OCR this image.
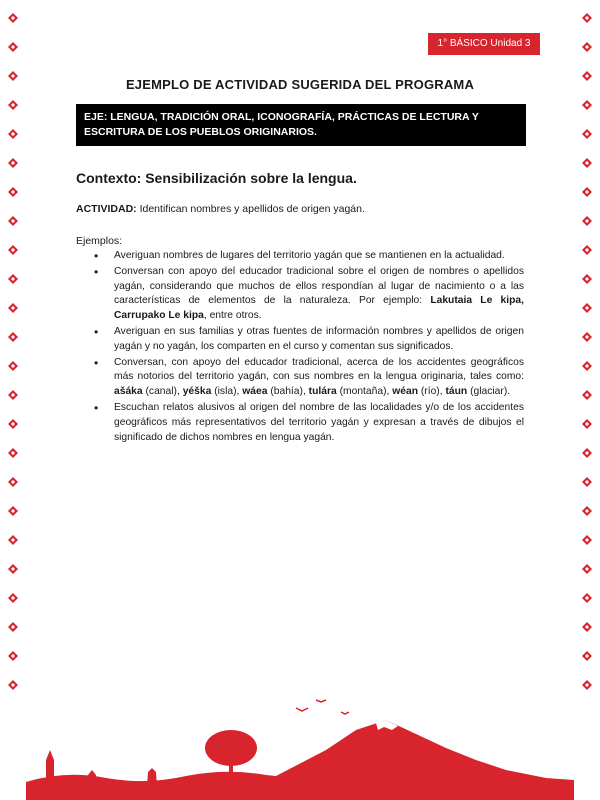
1° BÁSICO Unidad 3
EJEMPLO DE ACTIVIDAD SUGERIDA DEL PROGRAMA
EJE: LENGUA, TRADICIÓN ORAL, ICONOGRAFÍA, PRÁCTICAS DE LECTURA Y ESCRITURA DE LOS PUEBLOS ORIGINARIOS.
Contexto: Sensibilización sobre la lengua.
ACTIVIDAD: Identifican nombres y apellidos de origen yagán.
Ejemplos:
• Averiguan nombres de lugares del territorio yagán que se mantienen en la actualidad.
• Conversan con apoyo del educador tradicional sobre el origen de nombres o apellidos yagán, considerando que muchos de ellos respondían al lugar de nacimiento o a las características de elementos de la naturaleza. Por ejemplo: Lakutaia Le kipa, Carrupako Le kipa, entre otros.
• Averiguan en sus familias y otras fuentes de información nombres y apellidos de origen yagán y no yagán, los comparten en el curso y comentan sus significados.
• Conversan, con apoyo del educador tradicional, acerca de los accidentes geográficos más notorios del territorio yagán, con sus nombres en la lengua originaria, tales como: ašáka (canal), yéška (isla), wáea (bahía), tulára (montaña), wéan (río), táun (glaciar).
• Escuchan relatos alusivos al origen del nombre de las localidades y/o de los accidentes geográficos más representativos del territorio yagán y expresan a través de dibujos el significado de dichos nombres en lengua yagán.
